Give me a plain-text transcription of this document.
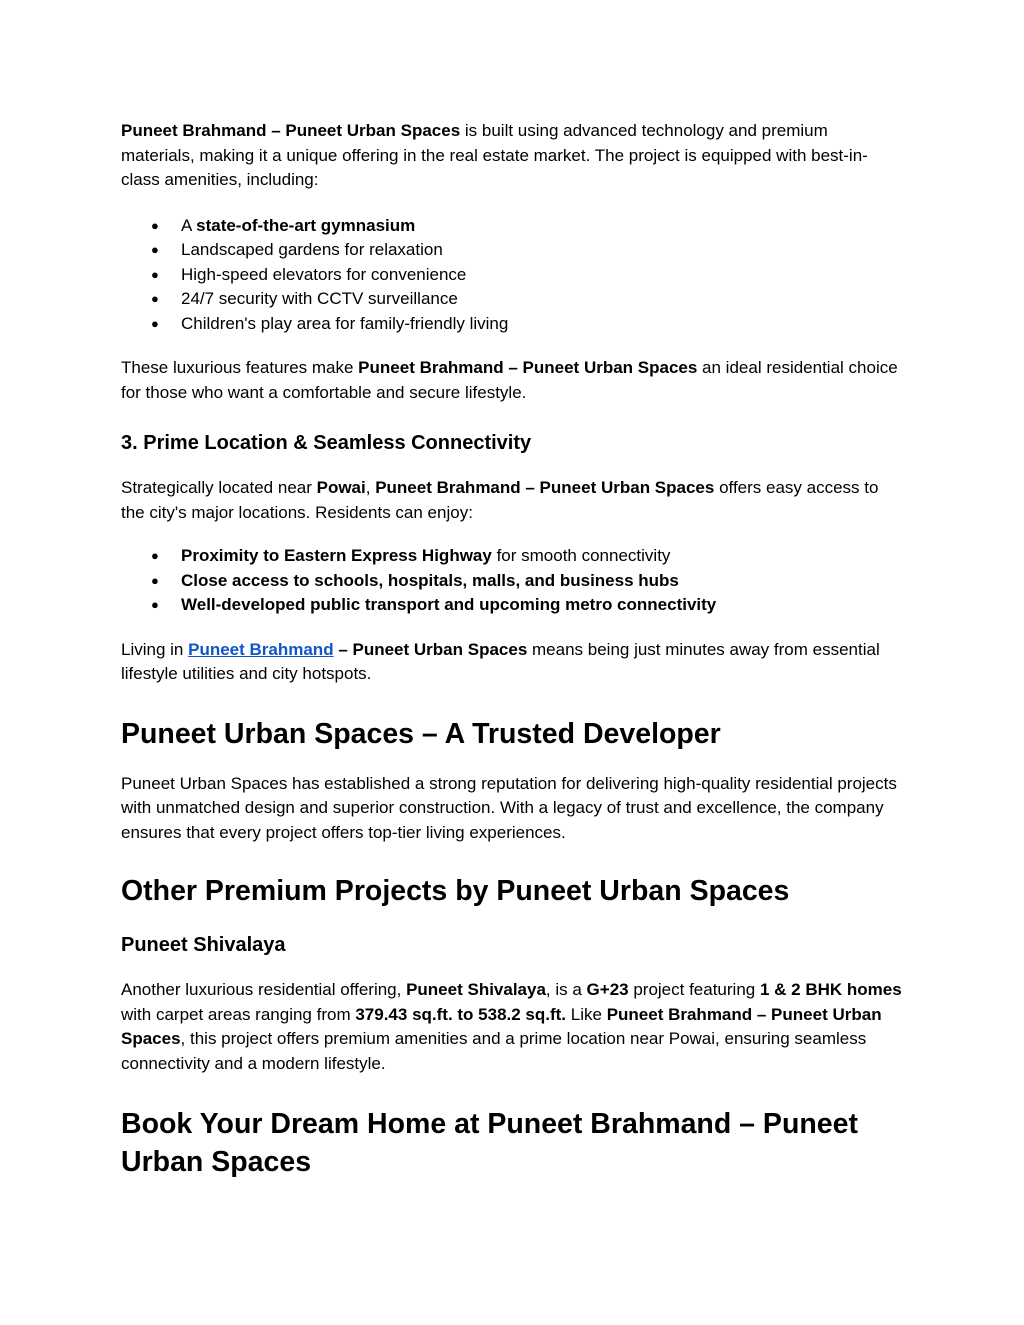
Puneet Brahmand – Puneet Urban Spaces is built using advanced technology and premium materials, making it a unique offering in the real estate market. The project is equipped with best-in-class amenities, including:

● A state-of-the-art gymnasium
● Landscaped gardens for relaxation
● High-speed elevators for convenience
● 24/7 security with CCTV surveillance
● Children's play area for family-friendly living

These luxurious features make Puneet Brahmand – Puneet Urban Spaces an ideal residential choice for those who want a comfortable and secure lifestyle.

3. Prime Location & Seamless Connectivity

Strategically located near Powai, Puneet Brahmand – Puneet Urban Spaces offers easy access to the city's major locations. Residents can enjoy:

● Proximity to Eastern Express Highway for smooth connectivity
● Close access to schools, hospitals, malls, and business hubs
● Well-developed public transport and upcoming metro connectivity

Living in Puneet Brahmand – Puneet Urban Spaces means being just minutes away from essential lifestyle utilities and city hotspots.

Puneet Urban Spaces – A Trusted Developer

Puneet Urban Spaces has established a strong reputation for delivering high-quality residential projects with unmatched design and superior construction. With a legacy of trust and excellence, the company ensures that every project offers top-tier living experiences.

Other Premium Projects by Puneet Urban Spaces
Puneet Shivalaya

Another luxurious residential offering, Puneet Shivalaya, is a G+23 project featuring 1 & 2 BHK homes with carpet areas ranging from 379.43 sq.ft. to 538.2 sq.ft. Like Puneet Brahmand – Puneet Urban Spaces, this project offers premium amenities and a prime location near Powai, ensuring seamless connectivity and a modern lifestyle.

Book Your Dream Home at Puneet Brahmand – Puneet Urban Spaces
